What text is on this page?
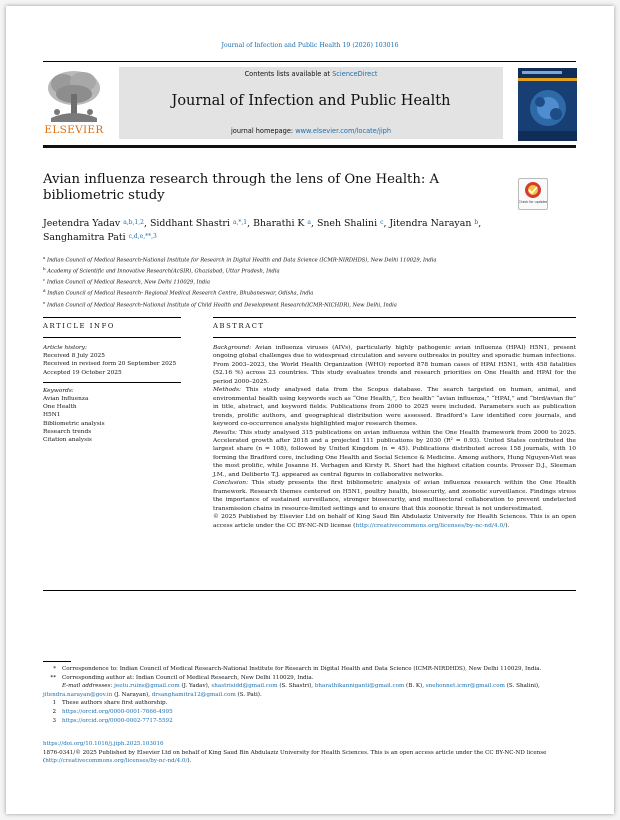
Journal of Infection and Public Health 19 (2026) 103016
ELSEVIER
Contents lists available at ScienceDirect
Journal of Infection and Public Health
journal homepage: www.elsevier.com/locate/jiph
Avian influenza research through the lens of One Health: A bibliometric study	Check for updates
Jeetendra Yadav $^{a,b,1,2}$, Siddhant Shastri $^{a,*,1}$, Bharathi K $^a$, Sneh Shalini $^c$, Jitendra Narayan $^b$,
Sanghamitra Pati $^{c,d,e,**,3}$
$^a$ Indian Council of Medical Research-National Institute for Research in Digital Health and Data Science (ICMR-NIRDHDS), New Delhi 110029, India
$^b$ Academy of Scientific and Innovative Research(AcSIR), Ghaziabad, Uttar Pradesh, India
$^c$ Indian Council of Medical Research, New Delhi 110029, India
$^d$ Indian Council of Medical Research- Regional Medical Research Centre, Bhubaneswar, Odisha, India
$^e$ Indian Council of Medical Research-National Institute of Child Health and Development Research(ICMR-NICHDR), New Delhi, India
ARTICLE INFO	ABSTRACT
Article history:
Received 8 July 2025
Received in revised form 20 September 2025
Accepted 19 October 2025
Keywords:
Avian Influenza
One Health
H5N1
Bibliometric analysis
Research trends
Citation analysis

Background: Avian influenza viruses (AIVs), particularly highly pathogenic avian influenza (HPAI) H5N1, present ongoing global challenges due to widespread circulation and severe outbreaks in poultry and sporadic human infections. From 2003–2023, the World Health Organization (WHO) reported 878 human cases of HPAI H5N1, with 458 fatalities (52.16 %) across 23 countries. This study evaluates trends and research priorities on One Health and HPAI for the period 2000–2025.

Methods: This study analysed data from the Scopus database. The search targeted on human, animal, and environmental health using keywords such as “One Health,”, Eco health” “avian influenza,” “HPAI,” and “bird/avian flu” in title, abstract, and keyword fields. Publications from 2000 to 2025 were included. Parameters such as publication trends, prolific authors, and geographical distribution were assessed. Bradford’s Law identified core journals, and keyword co-occurrence analysis highlighted major research themes.

Results: This study analysed 315 publications on avian influenza within the One Health framework from 2000 to 2025. Accelerated growth after 2018 and a projected 111 publications by 2030 (R² = 0.93). United States contributed the largest share (n = 108), followed by United Kingdom (n = 45). Publications distributed across 158 journals, with 10 forming the Bradford core, including One Health and Social Science & Medicine. Among authors, Hung Nguyen-Viet was the most prolific, while Josanne H. Verhagen and Kirsty R. Short had the highest citation counts. Prosser D.J., Sleeman J.M., and Deliberto T.J. appeared as central figures in collaborative networks.

Conclusion: This study presents the first bibliometric analysis of avian influenza research within the One Health framework. Research themes centered on H5N1, poultry health, biosecurity, and zoonotic surveillance. Findings stress the importance of sustained surveillance, stronger biosecurity, and multisectoral collaboration to prevent undetected transmission chains in resource-limited settings and to ensure that this zoonotic threat is not underestimated.

© 2025 Published by Elsevier Ltd on behalf of King Saud Bin Abdulaziz University for Health Sciences. This is an open access article under the CC BY-NC-ND license (http://creativecommons.org/licenses/by-nc-nd/4.0/).

*	Correspondence to: Indian Council of Medical Research-National Institute for Research in Digital Health and Data Science (ICMR-NIRDHDS), New Delhi 110029, India.
**	Corresponding author at: Indian Council of Medical Research, New Delhi 110029, India.
E-mail addresses: jeetu.ruins@gmail.com (J. Yadav), shastrisidd@gmail.com (S. Shastri), bharathikanniganti@gmail.com (B. K), snehonnet.icmr@gmail.com (S. Shalini),
jitendra.narayan@gov.in (J. Narayan), drsanghamitra12@gmail.com (S. Pati).
1	These authors share first authorship.
2	https://orcid.org/0000-0001-7666-4995
3	https://orcid.org/0000-0002-7717-5592
https://doi.org/10.1016/j.jiph.2025.103016
1876-0341/© 2025 Published by Elsevier Ltd on behalf of King Saud Bin Abdulaziz University for Health Sciences. This is an open access article under the CC BY-NC-ND license
(http://creativecommons.org/licenses/by-nc-nd/4.0/).
